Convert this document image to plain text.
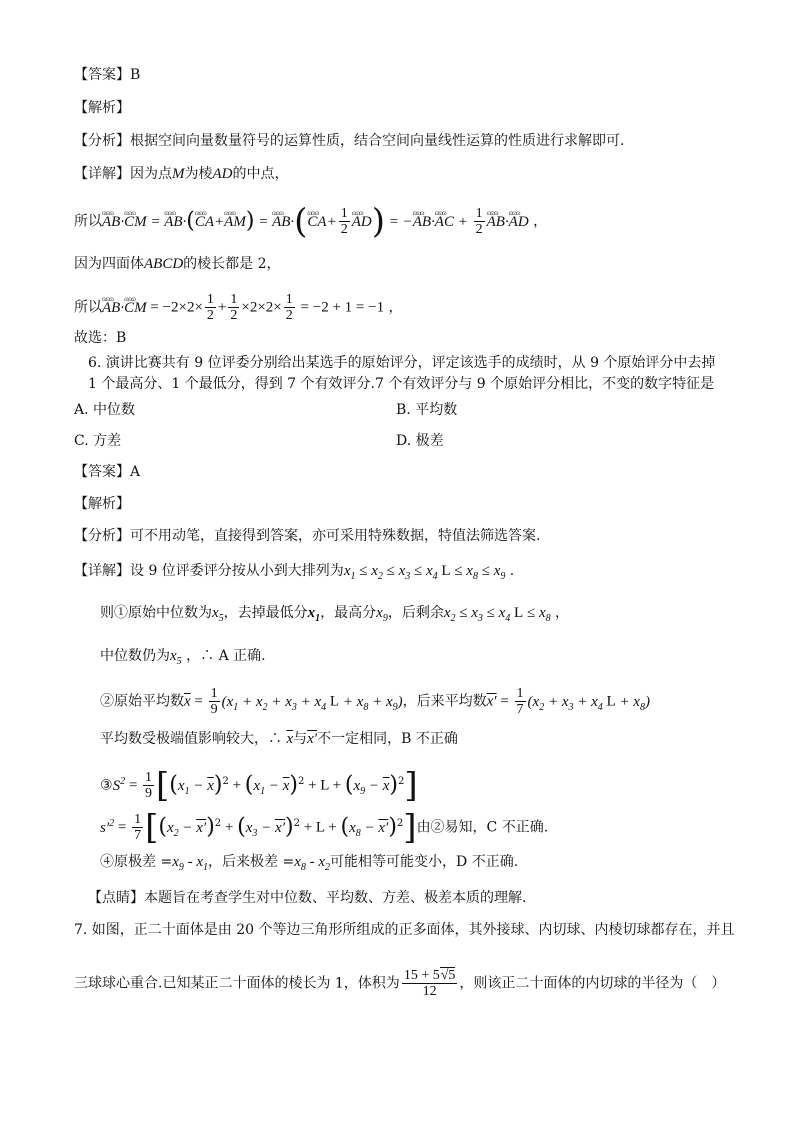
【答案】B
【解析】
【分析】根据空间向量数量符号的运算性质，结合空间向量线性运算的性质进行求解即可.
【详解】因为点M为棱AD的中点，
所以ɷɷɷ AB·ɷɷɷ CM = ɷɷɷ AB·(ɷɷɷ CA+ɷɷɷ AM) = ɷɷɷ AB·(ɷɷɷ $CA+ \frac{1}{2}$ ɷɷɷ AD) = −ɷɷɷ AB·ɷɷɷ AC + $\frac{1}{2}$ ɷɷɷ AB·ɷɷɷ AD ，
因为四面体ABCD的棱长都是 2，
所以ɷɷɷ AB·ɷɷɷ CM = $-2\times 2\times \frac{1}{2} + \frac{1}{2} \times 2\times 2\times \frac{1}{2} = -2 + 1 = -1$ ，
故选：B
6. 演讲比赛共有 9 位评委分别给出某选手的原始评分，评定该选手的成绩时，从 9 个原始评分中去掉
1 个最高分、1 个最低分，得到 7 个有效评分.7 个有效评分与 9 个原始评分相比，不变的数字特征是
A. 中位数	B. 平均数
C. 方差	D. 极差
【答案】A
【解析】
【分析】可不用动笔，直接得到答案，亦可采用特殊数据，特值法筛选答案.
【详解】设 9 位评委评分按从小到大排列为$x_1 \le x_2 \le x_3 \le x_4$ $L \le x_8 \le x_9$ .
则①原始中位数为$x_5$，去掉最低分$x_1$，最高分$x_9$，后剩余$x_2 \le x_3 \le x_4$ $L \le x_8$ ，
中位数仍为$x_5$ ，∴ A 正确.
②原始平均数$\overline{x} = \frac{1}{9} (x_1 + x_2 + x_3 + x_4$ $L + x_8 + x_9$)，后来平均数$x' = \frac{1}{7} (x_2 + x_3 + x_4$ $L + x_8$)
平均数受极端值影响较大，∴ $\overline{x}$与x′不一定相同，B 不正确
$③S^2 = \frac{1}{9} [(x_1 - \overline{x})^2 + (x_1 - \overline{x})^2 + L + (x_9 - \overline{x})^2]$
$s'^2 = \frac{1}{7} [(x_2 - x')^2 + (x_3 - x')^2 + L + (x_8 - x')^2]$由②易知，C 不正确.
④原极差 $=x_9 - x_1$，后来极差 $=x_8 - x_2$可能相等可能变小，D 不正确.
【点睛】本题旨在考查学生对中位数、平均数、方差、极差本质的理解.
7. 如图，正二十面体是由 20 个等边三角形所组成的正多面体，其外接球、内切球、内棱切球都存在，并且
三球球心重合.已知某正二十面体的棱长为 1，体积为 $\frac{15 + 5√5}{12}$ ，则该正二十面体的内切球的半径为（　）
